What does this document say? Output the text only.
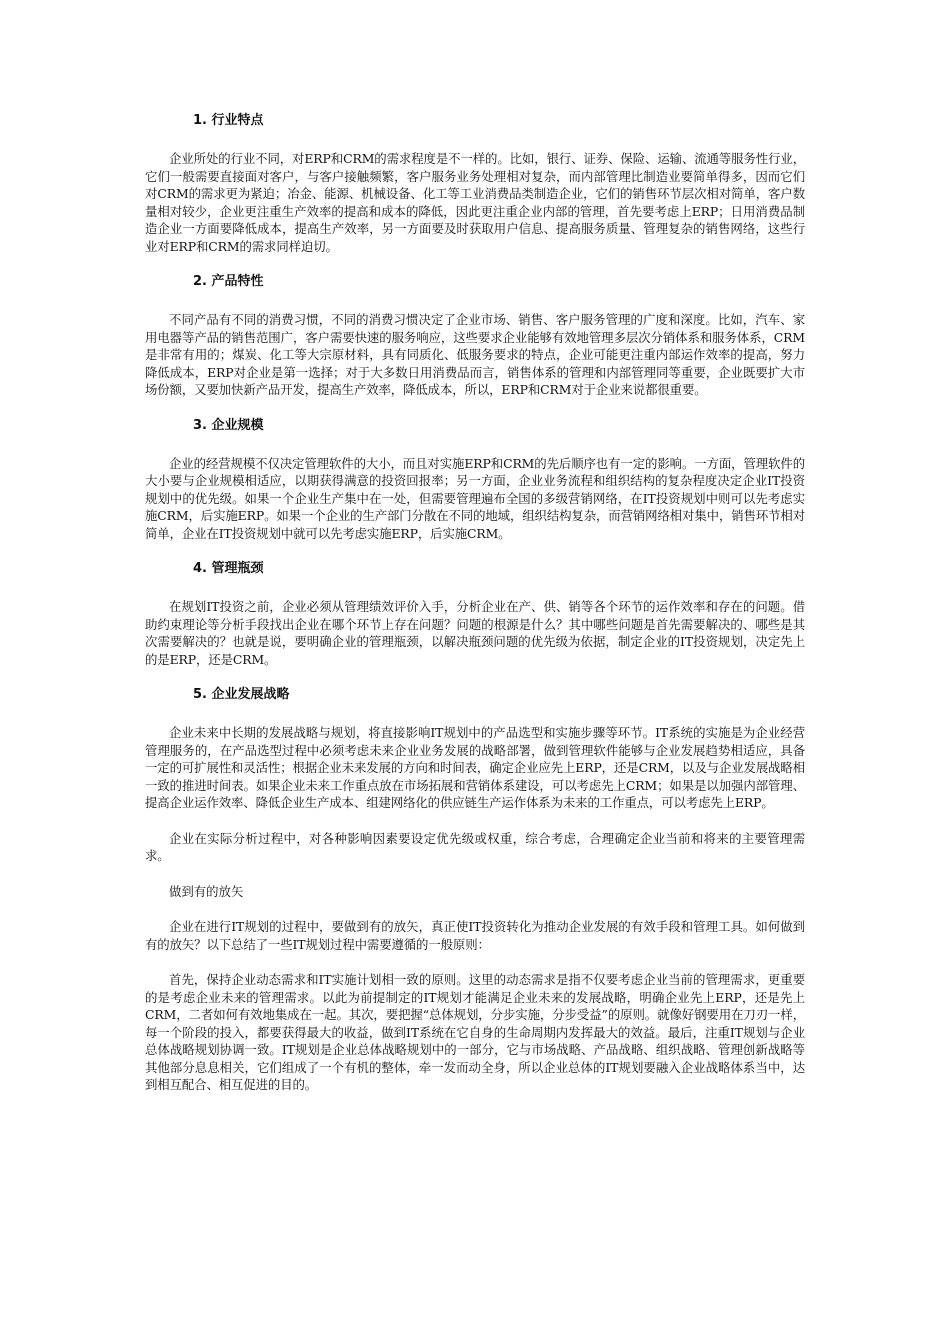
1. 行业特点

企业所处的行业不同，对ERP和CRM的需求程度是不一样的。比如，银行、证券、保险、运输、流通等服务性行业，它们一般需要直接面对客户，与客户接触频繁，客户服务业务处理相对复杂，而内部管理比制造业要简单得多，因而它们对CRM的需求更为紧迫；冶金、能源、机械设备、化工等工业消费品类制造企业，它们的销售环节层次相对简单，客户数量相对较少，企业更注重生产效率的提高和成本的降低，因此更注重企业内部的管理，首先要考虑上ERP；日用消费品制造企业一方面要降低成本，提高生产效率，另一方面要及时获取用户信息、提高服务质量、管理复杂的销售网络，这些行业对ERP和CRM的需求同样迫切。

2. 产品特性

不同产品有不同的消费习惯，不同的消费习惯决定了企业市场、销售、客户服务管理的广度和深度。比如，汽车、家用电器等产品的销售范围广，客户需要快速的服务响应，这些要求企业能够有效地管理多层次分销体系和服务体系，CRM是非常有用的；煤炭、化工等大宗原材料，具有同质化、低服务要求的特点，企业可能更注重内部运作效率的提高，努力降低成本，ERP对企业是第一选择；对于大多数日用消费品而言，销售体系的管理和内部管理同等重要，企业既要扩大市场份额，又要加快新产品开发，提高生产效率，降低成本，所以，ERP和CRM对于企业来说都很重要。

3. 企业规模

企业的经营规模不仅决定管理软件的大小，而且对实施ERP和CRM的先后顺序也有一定的影响。一方面，管理软件的大小要与企业规模相适应，以期获得满意的投资回报率；另一方面，企业业务流程和组织结构的复杂程度决定企业IT投资规划中的优先级。如果一个企业生产集中在一处，但需要管理遍布全国的多级营销网络，在IT投资规划中则可以先考虑实施CRM，后实施ERP。如果一个企业的生产部门分散在不同的地域，组织结构复杂，而营销网络相对集中，销售环节相对简单，企业在IT投资规划中就可以先考虑实施ERP，后实施CRM。

4. 管理瓶颈

在规划IT投资之前，企业必须从管理绩效评价入手，分析企业在产、供、销等各个环节的运作效率和存在的问题。借助约束理论等分析手段找出企业在哪个环节上存在问题？问题的根源是什么？其中哪些问题是首先需要解决的、哪些是其次需要解决的？也就是说，要明确企业的管理瓶颈，以解决瓶颈问题的优先级为依据，制定企业的IT投资规划，决定先上的是ERP，还是CRM。

5. 企业发展战略

企业未来中长期的发展战略与规划，将直接影响IT规划中的产品选型和实施步骤等环节。IT系统的实施是为企业经营管理服务的，在产品选型过程中必须考虑未来企业业务发展的战略部署，做到管理软件能够与企业发展趋势相适应，具备一定的可扩展性和灵活性；根据企业未来发展的方向和时间表，确定企业应先上ERP，还是CRM，以及与企业发展战略相一致的推进时间表。如果企业未来工作重点放在市场拓展和营销体系建设，可以考虑先上CRM；如果是以加强内部管理、提高企业运作效率、降低企业生产成本、组建网络化的供应链生产运作体系为未来的工作重点，可以考虑先上ERP。

企业在实际分析过程中，对各种影响因素要设定优先级或权重，综合考虑，合理确定企业当前和将来的主要管理需求。

做到有的放矢

企业在进行IT规划的过程中，要做到有的放矢，真正使IT投资转化为推动企业发展的有效手段和管理工具。如何做到有的放矢？以下总结了一些IT规划过程中需要遵循的一般原则：

首先，保持企业动态需求和IT实施计划相一致的原则。这里的动态需求是指不仅要考虑企业当前的管理需求，更重要的是考虑企业未来的管理需求。以此为前提制定的IT规划才能满足企业未来的发展战略，明确企业先上ERP，还是先上CRM，二者如何有效地集成在一起。其次，要把握“总体规划，分步实施，分步受益”的原则。就像好钢要用在刀刃一样，每一个阶段的投入，都要获得最大的收益，做到IT系统在它自身的生命周期内发挥最大的效益。最后，注重IT规划与企业总体战略规划协调一致。IT规划是企业总体战略规划中的一部分，它与市场战略、产品战略、组织战略、管理创新战略等其他部分息息相关，它们组成了一个有机的整体，牵一发而动全身，所以企业总体的IT规划要融入企业战略体系当中，达到相互配合、相互促进的目的。
